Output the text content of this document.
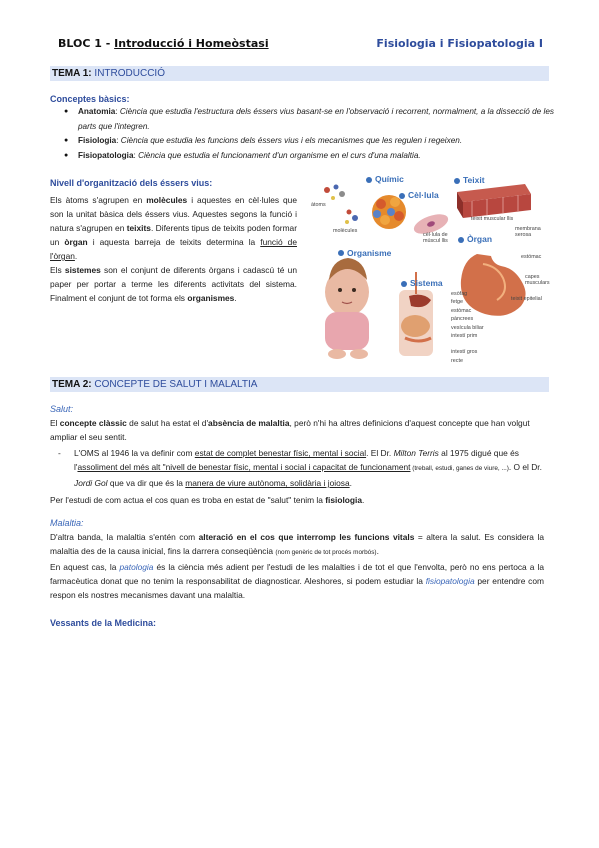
BLOC 1 - Introducció i Homeòstasi	Fisiologia i Fisiopatologia I
TEMA 1: INTRODUCCIÓ
Conceptes bàsics:
● Anatomia: Ciència que estudia l'estructura dels éssers vius basant-se en l'observació i recorrent, normalment, a la dissecció de les parts que l'integren.
● Fisiologia: Ciència que estudia les funcions dels éssers vius i els mecanismes que les regulen i regeixen.
● Fisiopatologia: Ciència que estudia el funcionament d'un organisme en el curs d'una malaltia.
Nivell d'organització dels éssers vius:
Els àtoms s'agrupen en molècules i aquestes en cèl·lules que son la unitat bàsica dels éssers vius. Aquestes segons la funció i natura s'agrupen en teixits. Diferents tipus de teixits poden formar un òrgan i aquesta barreja de teixits determina la funció de l'òrgan.
Els sistemes son el conjunt de diferents òrgans i cadascú té un paper per portar a terme les diferents activitats del sistema. Finalment el conjunt de tot forma els organismes.
Químic
Cèl·lula
Teixit
Òrgan
Organisme
Sistema
àtoms
molècules
cèl·lula de
múscul llis
teixit muscular llis
membrana
serosa
estómac
capes
musculars
teixit epitelial
esòfag
fetge
estòmac
pàncrees
vesícula biliar
intestí prim
intestí gros
recte
TEMA 2: CONCEPTE DE SALUT I MALALTIA
Salut:
El concepte clàssic de salut ha estat el d'absència de malaltia, però n'hi ha altres definicions d'aquest concepte que han volgut ampliar el seu sentit.
-	L'OMS al 1946 la va definir com estat de complet benestar físic, mental i social. El Dr. Milton Terris al 1975 digué que és l'assoliment del més alt "nivell de benestar físic, mental i social i capacitat de funcionament (treball, estudi, ganes de viure, ...). O el Dr. Jordi Gol que va dir que és la manera de viure autònoma, solidària i joiosa.
Per l'estudi de com actua el cos quan es troba en estat de "salut" tenim la fisiologia.
Malaltia:
D'altra banda, la malaltia s'entén com alteració en el cos que interromp les funcions vitals = altera la salut. Es considera la malaltia des de la causa inicial, fins la darrera conseqüència (nom genèric de tot procés morbós).
En aquest cas, la patologia és la ciència més adient per l'estudi de les malalties i de tot el que l'envolta, però no ens pertoca a la farmacèutica donat que no tenim la responsabilitat de diagnosticar. Aleshores, si podem estudiar la fisiopatologia per entendre com respon els nostres mecanismes davant una malaltia.
Vessants de la Medicina:
